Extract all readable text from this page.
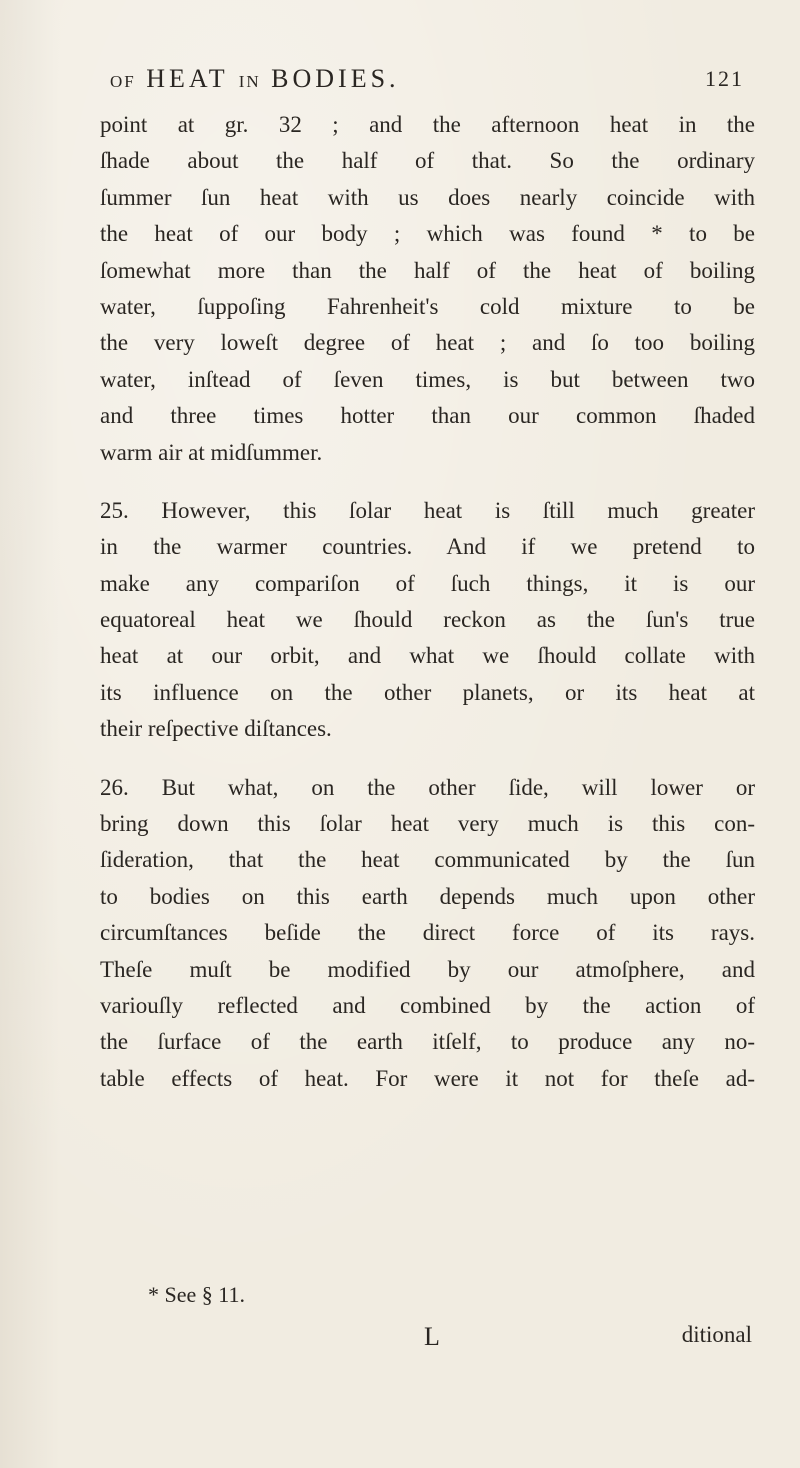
OF HEAT IN BODIES.	121
point at gr. 32 ; and the afternoon heat in the
ſhade about the half of that. So the ordinary
ſummer ſun heat with us does nearly coincide with
the heat of our body ; which was found * to be
ſomewhat more than the half of the heat of boiling
water, ſuppoſing Fahrenheit's cold mixture to be
the very loweſt degree of heat ; and ſo too boiling
water, inſtead of ſeven times, is but between two
and three times hotter than our common ſhaded
warm air at midſummer.
25. However, this ſolar heat is ſtill much greater
in the warmer countries. And if we pretend to
make any compariſon of ſuch things, it is our
equatoreal heat we ſhould reckon as the ſun's true
heat at our orbit, and what we ſhould collate with
its influence on the other planets, or its heat at
their reſpective diſtances.
26. But what, on the other ſide, will lower or
bring down this ſolar heat very much is this con-
ſideration, that the heat communicated by the ſun
to bodies on this earth depends much upon other
circumſtances beſide the direct force of its rays.
Theſe muſt be modified by our atmoſphere, and
variouſly reflected and combined by the action of
the ſurface of the earth itſelf, to produce any no-
table effects of heat. For were it not for theſe ad-
* See § 11.
L	ditional
